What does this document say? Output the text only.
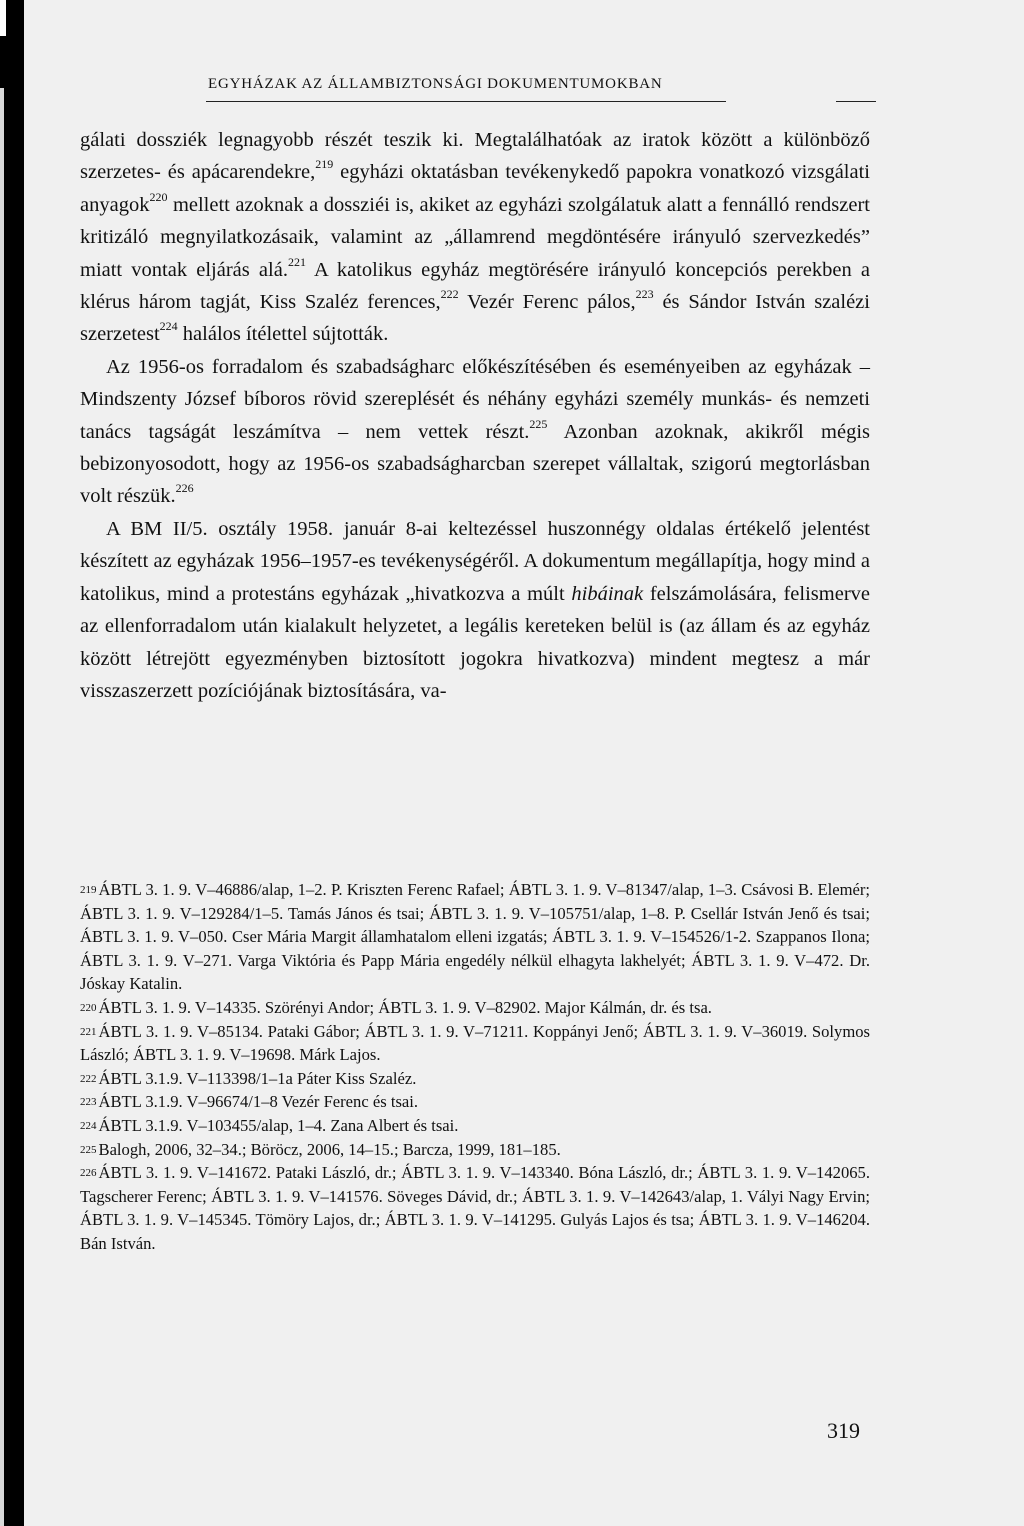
EGYHÁZAK AZ ÁLLAMBIZTONSÁGI DOKUMENTUMOKBAN

gálati dossziék legnagyobb részét teszik ki. Megtalálhatóak az iratok között a különböző szerzetes- és apácarendekre,$^{219}$ egyházi oktatásban tevékenykedő papokra vonatkozó vizsgálati anyagok$^{220}$ mellett azoknak a dossziéi is, akiket az egyházi szolgálatuk alatt a fennálló rendszert kritizáló megnyilatkozásaik, valamint az „államrend megdöntésére irányuló szervezkedés” miatt vontak eljárás alá.$^{221}$ A katolikus egyház megtörésére irányuló koncepciós perekben a klérus három tagját, Kiss Szaléz ferences,$^{222}$ Vezér Ferenc pálos,$^{223}$ és Sándor István szalézi szerzetest$^{224}$ halálos ítélettel sújtották.

Az 1956-os forradalom és szabadságharc előkészítésében és eseményeiben az egyházak – Mindszenty József bíboros rövid szereplését és néhány egyházi személy munkás- és nemzeti tanács tagságát leszámítva – nem vettek részt.$^{225}$ Azonban azoknak, akikről mégis bebizonyosodott, hogy az 1956-os szabadságharcban szerepet vállaltak, szigorú megtorlásban volt részük.$^{226}$

A BM II/5. osztály 1958. január 8-ai keltezéssel huszonnégy oldalas értékelő jelentést készített az egyházak 1956–1957-es tevékenységéről. A dokumentum megállapítja, hogy mind a katolikus, mind a protestáns egyházak „hivatkozva a múlt hibáinak felszámolására, felismerve az ellenforradalom után kialakult helyzetet, a legális kereteken belül is (az állam és az egyház között létrejött egyezményben biztosított jogokra hivatkozva) mindent megtesz a már visszaszerzett pozíciójának biztosítására, va-

$^{219}$ ÁBTL 3. 1. 9. V–46886/alap, 1–2. P. Kriszten Ferenc Rafael; ÁBTL 3. 1. 9. V–81347/alap, 1–3. Csávosi B. Elemér; ÁBTL 3. 1. 9. V–129284/1–5. Tamás János és tsai; ÁBTL 3. 1. 9. V–105751/alap, 1–8. P. Csellár István Jenő és tsai; ÁBTL 3. 1. 9. V–050. Cser Mária Margit államhatalom elleni izgatás; ÁBTL 3. 1. 9. V–154526/1-2. Szappanos Ilona; ÁBTL 3. 1. 9. V–271. Varga Viktória és Papp Mária engedély nélkül elhagyta lakhelyét; ÁBTL 3. 1. 9. V–472. Dr. Jóskay Katalin.

$^{220}$ ÁBTL 3. 1. 9. V–14335. Szörényi Andor; ÁBTL 3. 1. 9. V–82902. Major Kálmán, dr. és tsa.

$^{221}$ ÁBTL 3. 1. 9. V–85134. Pataki Gábor; ÁBTL 3. 1. 9. V–71211. Koppányi Jenő; ÁBTL 3. 1. 9. V–36019. Solymos László; ÁBTL 3. 1. 9. V–19698. Márk Lajos.

$^{222}$ ÁBTL 3.1.9. V–113398/1–1a Páter Kiss Szaléz.

$^{223}$ ÁBTL 3.1.9. V–96674/1–8 Vezér Ferenc és tsai.

$^{224}$ ÁBTL 3.1.9. V–103455/alap, 1–4. Zana Albert és tsai.

$^{225}$ Balogh, 2006, 32–34.; Böröcz, 2006, 14–15.; Barcza, 1999, 181–185.

$^{226}$ ÁBTL 3. 1. 9. V–141672. Pataki László, dr.; ÁBTL 3. 1. 9. V–143340. Bóna László, dr.; ÁBTL 3. 1. 9. V–142065. Tagscherer Ferenc; ÁBTL 3. 1. 9. V–141576. Söveges Dávid, dr.; ÁBTL 3. 1. 9. V–142643/alap, 1. Vályi Nagy Ervin; ÁBTL 3. 1. 9. V–145345. Tömöry Lajos, dr.; ÁBTL 3. 1. 9. V–141295. Gulyás Lajos és tsa; ÁBTL 3. 1. 9. V–146204. Bán István.

319
